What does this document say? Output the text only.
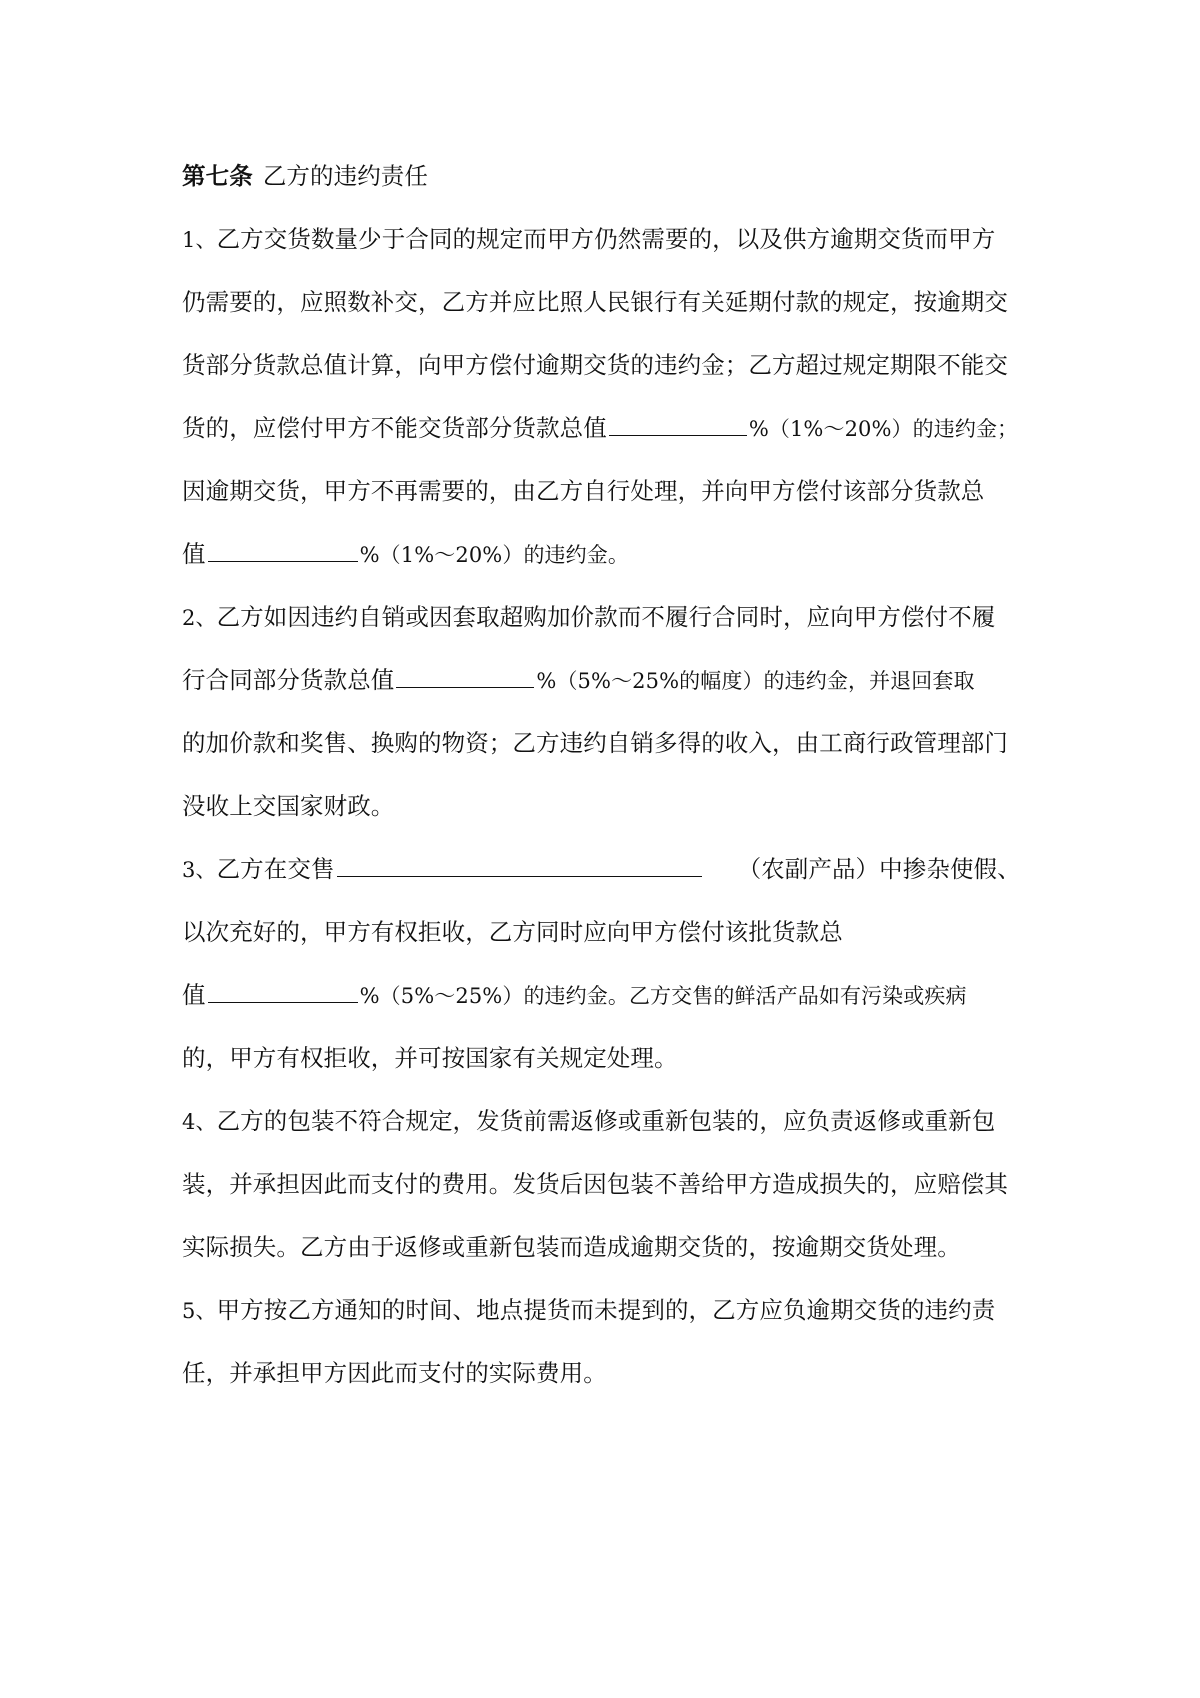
第七条 乙方的违约责任
1、乙方交货数量少于合同的规定而甲方仍然需要的，以及供方逾期交货而甲方
仍需要的，应照数补交，乙方并应比照人民银行有关延期付款的规定，按逾期交
货部分货款总值计算，向甲方偿付逾期交货的违约金；乙方超过规定期限不能交
货的，应偿付甲方不能交货部分货款总值	%（1%～20%）的违约金；
因逾期交货，甲方不再需要的，由乙方自行处理，并向甲方偿付该部分货款总
值	%（1%～20%）的违约金。
2、乙方如因违约自销或因套取超购加价款而不履行合同时，应向甲方偿付不履
行合同部分货款总值	%（5%～25%的幅度）的违约金，并退回套取
的加价款和奖售、换购的物资；乙方违约自销多得的收入，由工商行政管理部门
没收上交国家财政。
3、乙方在交售	（农副产品）中掺杂使假、
以次充好的，甲方有权拒收，乙方同时应向甲方偿付该批货款总
值	%（5%～25%）的违约金。乙方交售的鲜活产品如有污染或疾病
的，甲方有权拒收，并可按国家有关规定处理。
4、乙方的包装不符合规定，发货前需返修或重新包装的，应负责返修或重新包
装，并承担因此而支付的费用。发货后因包装不善给甲方造成损失的，应赔偿其
实际损失。乙方由于返修或重新包装而造成逾期交货的，按逾期交货处理。
5、甲方按乙方通知的时间、地点提货而未提到的，乙方应负逾期交货的违约责
任，并承担甲方因此而支付的实际费用。
